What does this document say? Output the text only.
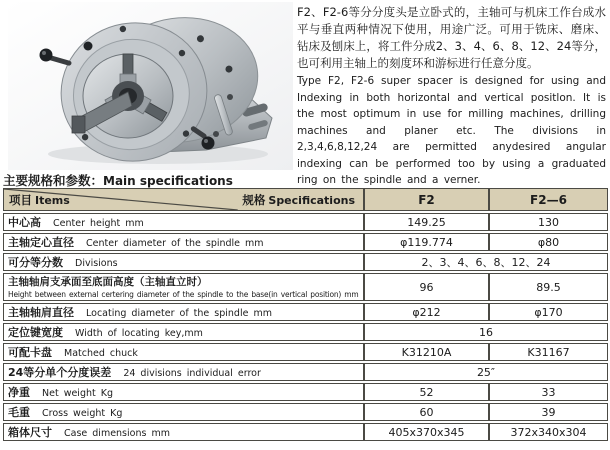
F2、F2-6等分分度头是立卧式的，主轴可与机床工作台成水平与垂直两种情况下使用，用途广泛。可用于铣床、磨床、钻床及刨床上，将工件分成2、3、4、6、8、12、24等分，也可利用主轴上的刻度环和游标进行任意分度。

Type F2, F2-6 super spacer is designed for using and Indexing in both horizontal and vertical positlon. It is the most optimum in use for milling machines, drilling machines and planer etc. The divisions in 2,3,4,6,8,12,24 are permitted anydesired angular indexing can be performed too by using a graduated ring on the spindle and a verner.

主要规格和参数：Main specifications
项目 Items 规格 Specifications	F2	F2—6
中心高 Center height mm	149.25	130
主轴定心直径 Center diameter of the spindle mm	φ119.774	φ80
可分等分数 Divisions	2、3、4、6、8、12、24	

主轴轴肩支承面至底面高度（主轴直立时）
Height between external certering diameter of the spindle to the base(in vertical position) mm	96	89.5
主轴轴肩直径 Locating diameter of the spindle mm	φ212	φ170
定位键宽度 Width of locating key,mm	16	
可配卡盘 Matched chuck	K31210A	K31167
24等分单个分度误差 24 divisions individual error	25″	
净重 Net weight Kg	52	33
毛重 Cross weight Kg	60	39
箱体尺寸 Case dimensions mm	405x370x345	372x340x304
